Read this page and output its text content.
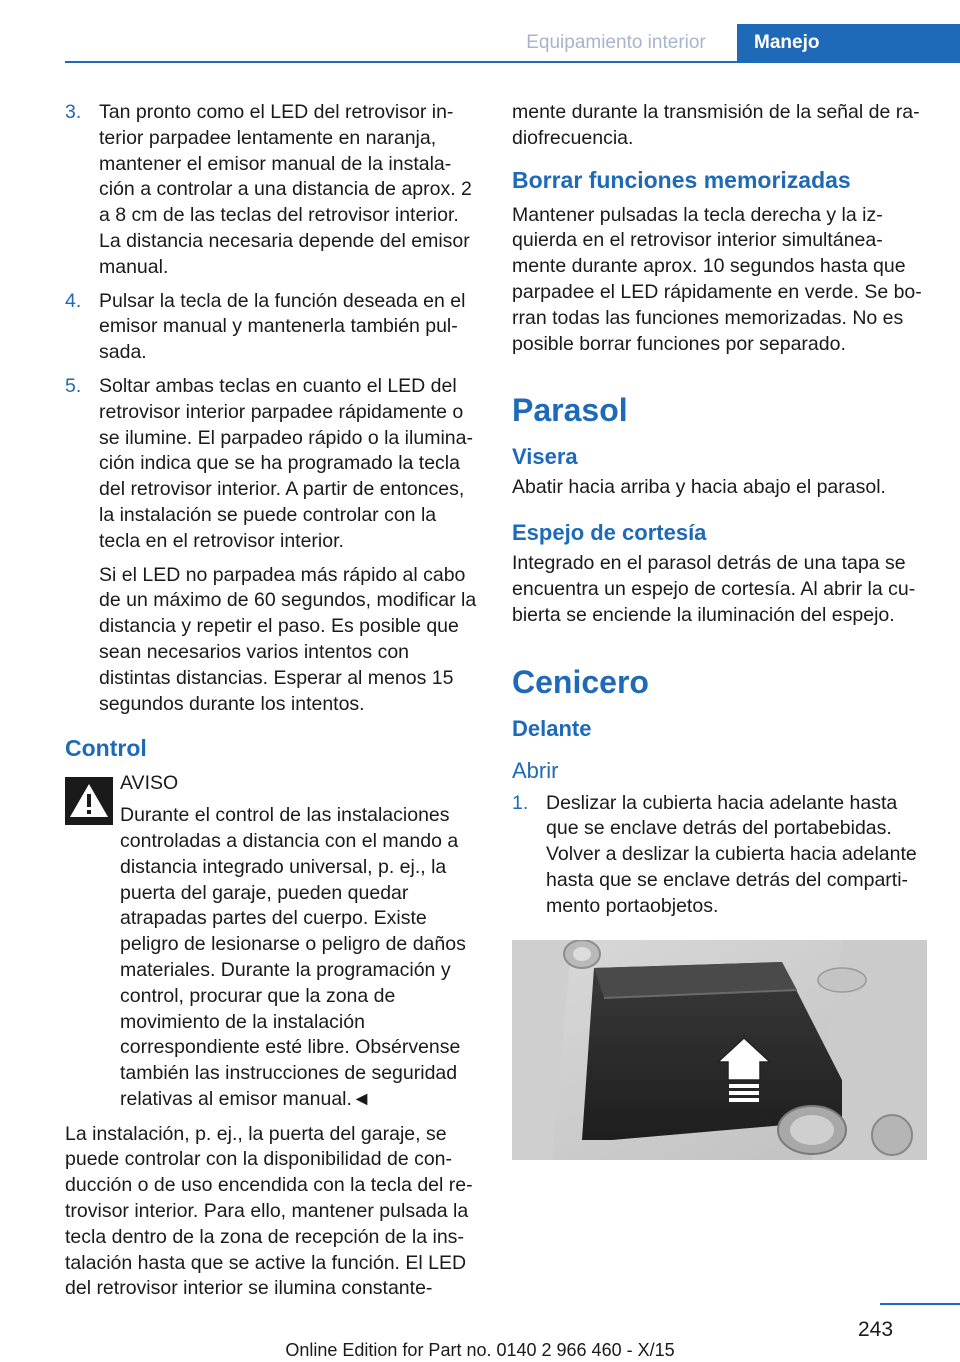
Equipamiento interior	Manejo
3. Tan pronto como el LED del retrovisor interior parpadee lentamente en naranja, mantener el emisor manual de la instalación a controlar a una distancia de aprox. 2 a 8 cm de las teclas del retrovisor interior. La distancia necesaria depende del emisor manual.

4. Pulsar la tecla de la función deseada en el emisor manual y mantenerla también pulsada.

5. Soltar ambas teclas en cuanto el LED del retrovisor interior parpadee rápidamente o se ilumine. El parpadeo rápido o la iluminación indica que se ha programado la tecla del retrovisor interior. A partir de entonces, la instalación se puede controlar con la tecla en el retrovisor interior.

Si el LED no parpadea más rápido al cabo de un máximo de 60 segundos, modificar la distancia y repetir el paso. Es posible que sean necesarios varios intentos con distintas distancias. Esperar al menos 15 segundos durante los intentos.

Control

AVISO

Durante el control de las instalaciones controladas a distancia con el mando a distancia integrado universal, p. ej., la puerta del garaje, pueden quedar atrapadas partes del cuerpo. Existe peligro de lesionarse o peligro de daños materiales. Durante la programación y control, procurar que la zona de movimiento de la instalación correspondiente esté libre. Obsérvense también las instrucciones de seguridad relativas al emisor manual.◄

La instalación, p. ej., la puerta del garaje, se puede controlar con la disponibilidad de conducción o de uso encendida con la tecla del retrovisor interior. Para ello, mantener pulsada la tecla dentro de la zona de recepción de la instalación hasta que se active la función. El LED del retrovisor interior se ilumina constante-

mente durante la transmisión de la señal de radiofrecuencia.

Borrar funciones memorizadas

Mantener pulsadas la tecla derecha y la izquierda en el retrovisor interior simultáneamente durante aprox. 10 segundos hasta que parpadee el LED rápidamente en verde. Se borran todas las funciones memorizadas. No es posible borrar funciones por separado.

Parasol
Visera

Abatir hacia arriba y hacia abajo el parasol.

Espejo de cortesía

Integrado en el parasol detrás de una tapa se encuentra un espejo de cortesía. Al abrir la cubierta se enciende la iluminación del espejo.

Cenicero
Delante
Abrir
1. Deslizar la cubierta hacia adelante hasta que se enclave detrás del portabebidas. Volver a deslizar la cubierta hacia adelante hasta que se enclave detrás del compartimento portaobjetos.

243
Online Edition for Part no. 0140 2 966 460 - X/15
